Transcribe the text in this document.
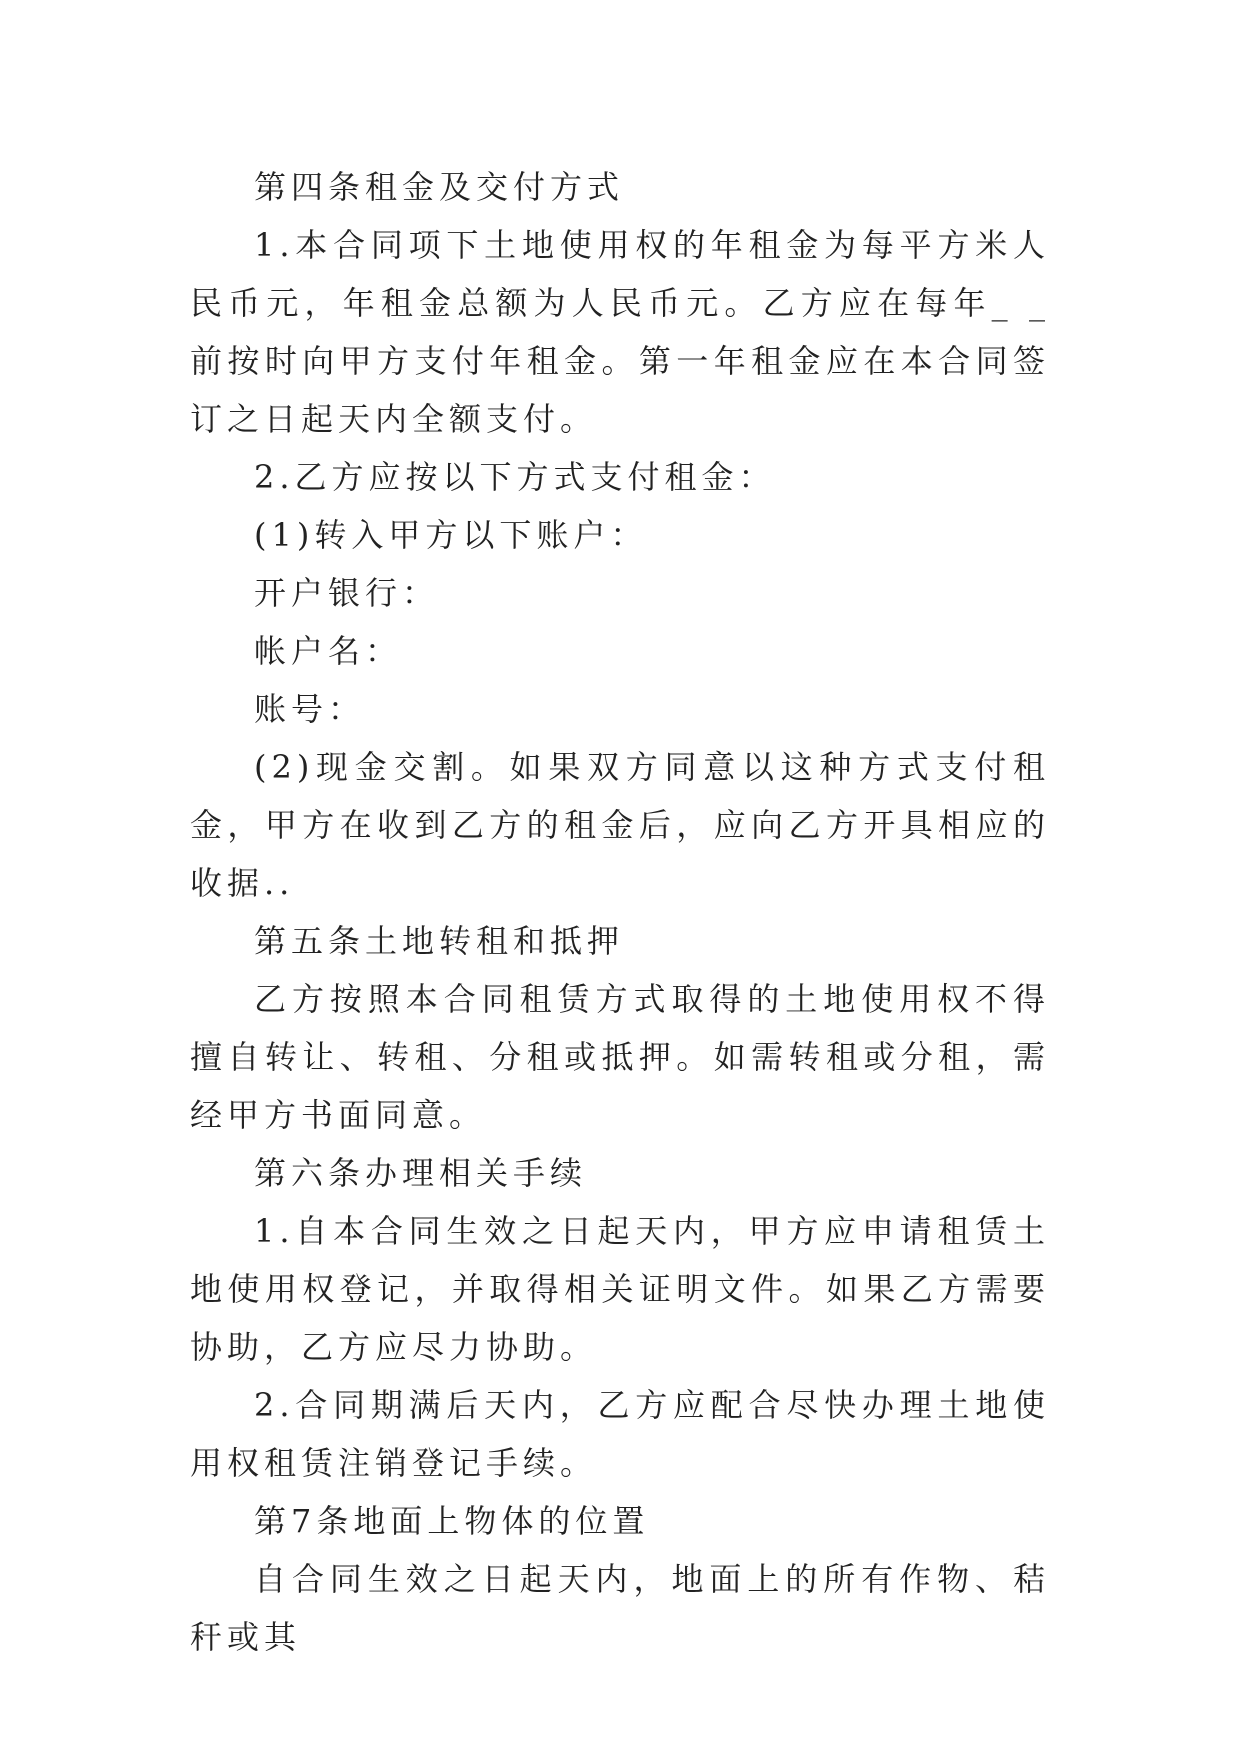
第四条租金及交付方式

1.本合同项下土地使用权的年租金为每平方米人民币元，年租金总额为人民币元。乙方应在每年_ _前按时向甲方支付年租金。第一年租金应在本合同签订之日起天内全额支付。

2.乙方应按以下方式支付租金：

(1)转入甲方以下账户：

开户银行：

帐户名：

账号：

(2)现金交割。如果双方同意以这种方式支付租金，甲方在收到乙方的租金后，应向乙方开具相应的收据..

第五条土地转租和抵押

乙方按照本合同租赁方式取得的土地使用权不得擅自转让、转租、分租或抵押。如需转租或分租，需经甲方书面同意。

第六条办理相关手续

1.自本合同生效之日起天内，甲方应申请租赁土地使用权登记，并取得相关证明文件。如果乙方需要协助，乙方应尽力协助。

2.合同期满后天内，乙方应配合尽快办理土地使用权租赁注销登记手续。

第7条地面上物体的位置

自合同生效之日起天内，地面上的所有作物、秸秆或其
